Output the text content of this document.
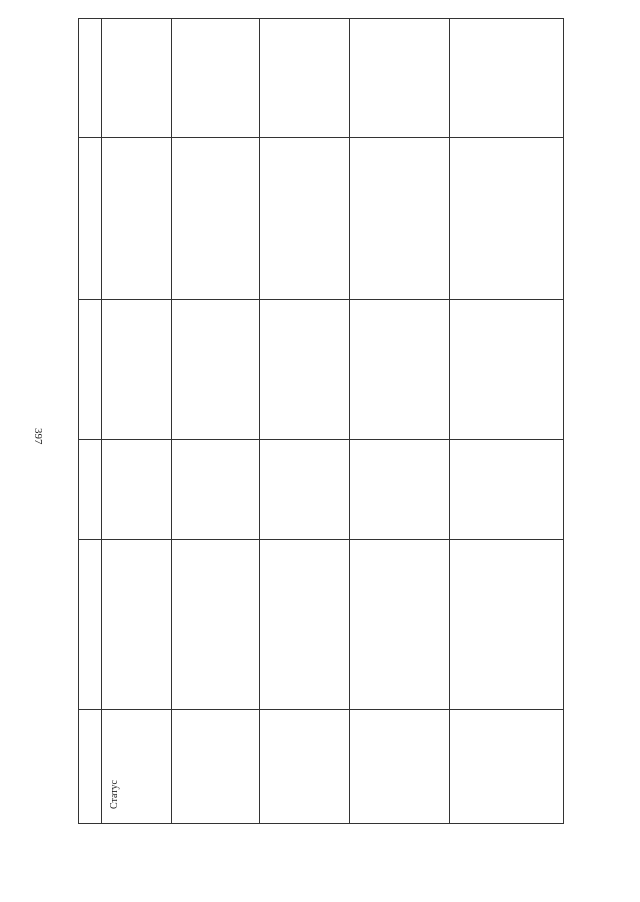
397
Статус
